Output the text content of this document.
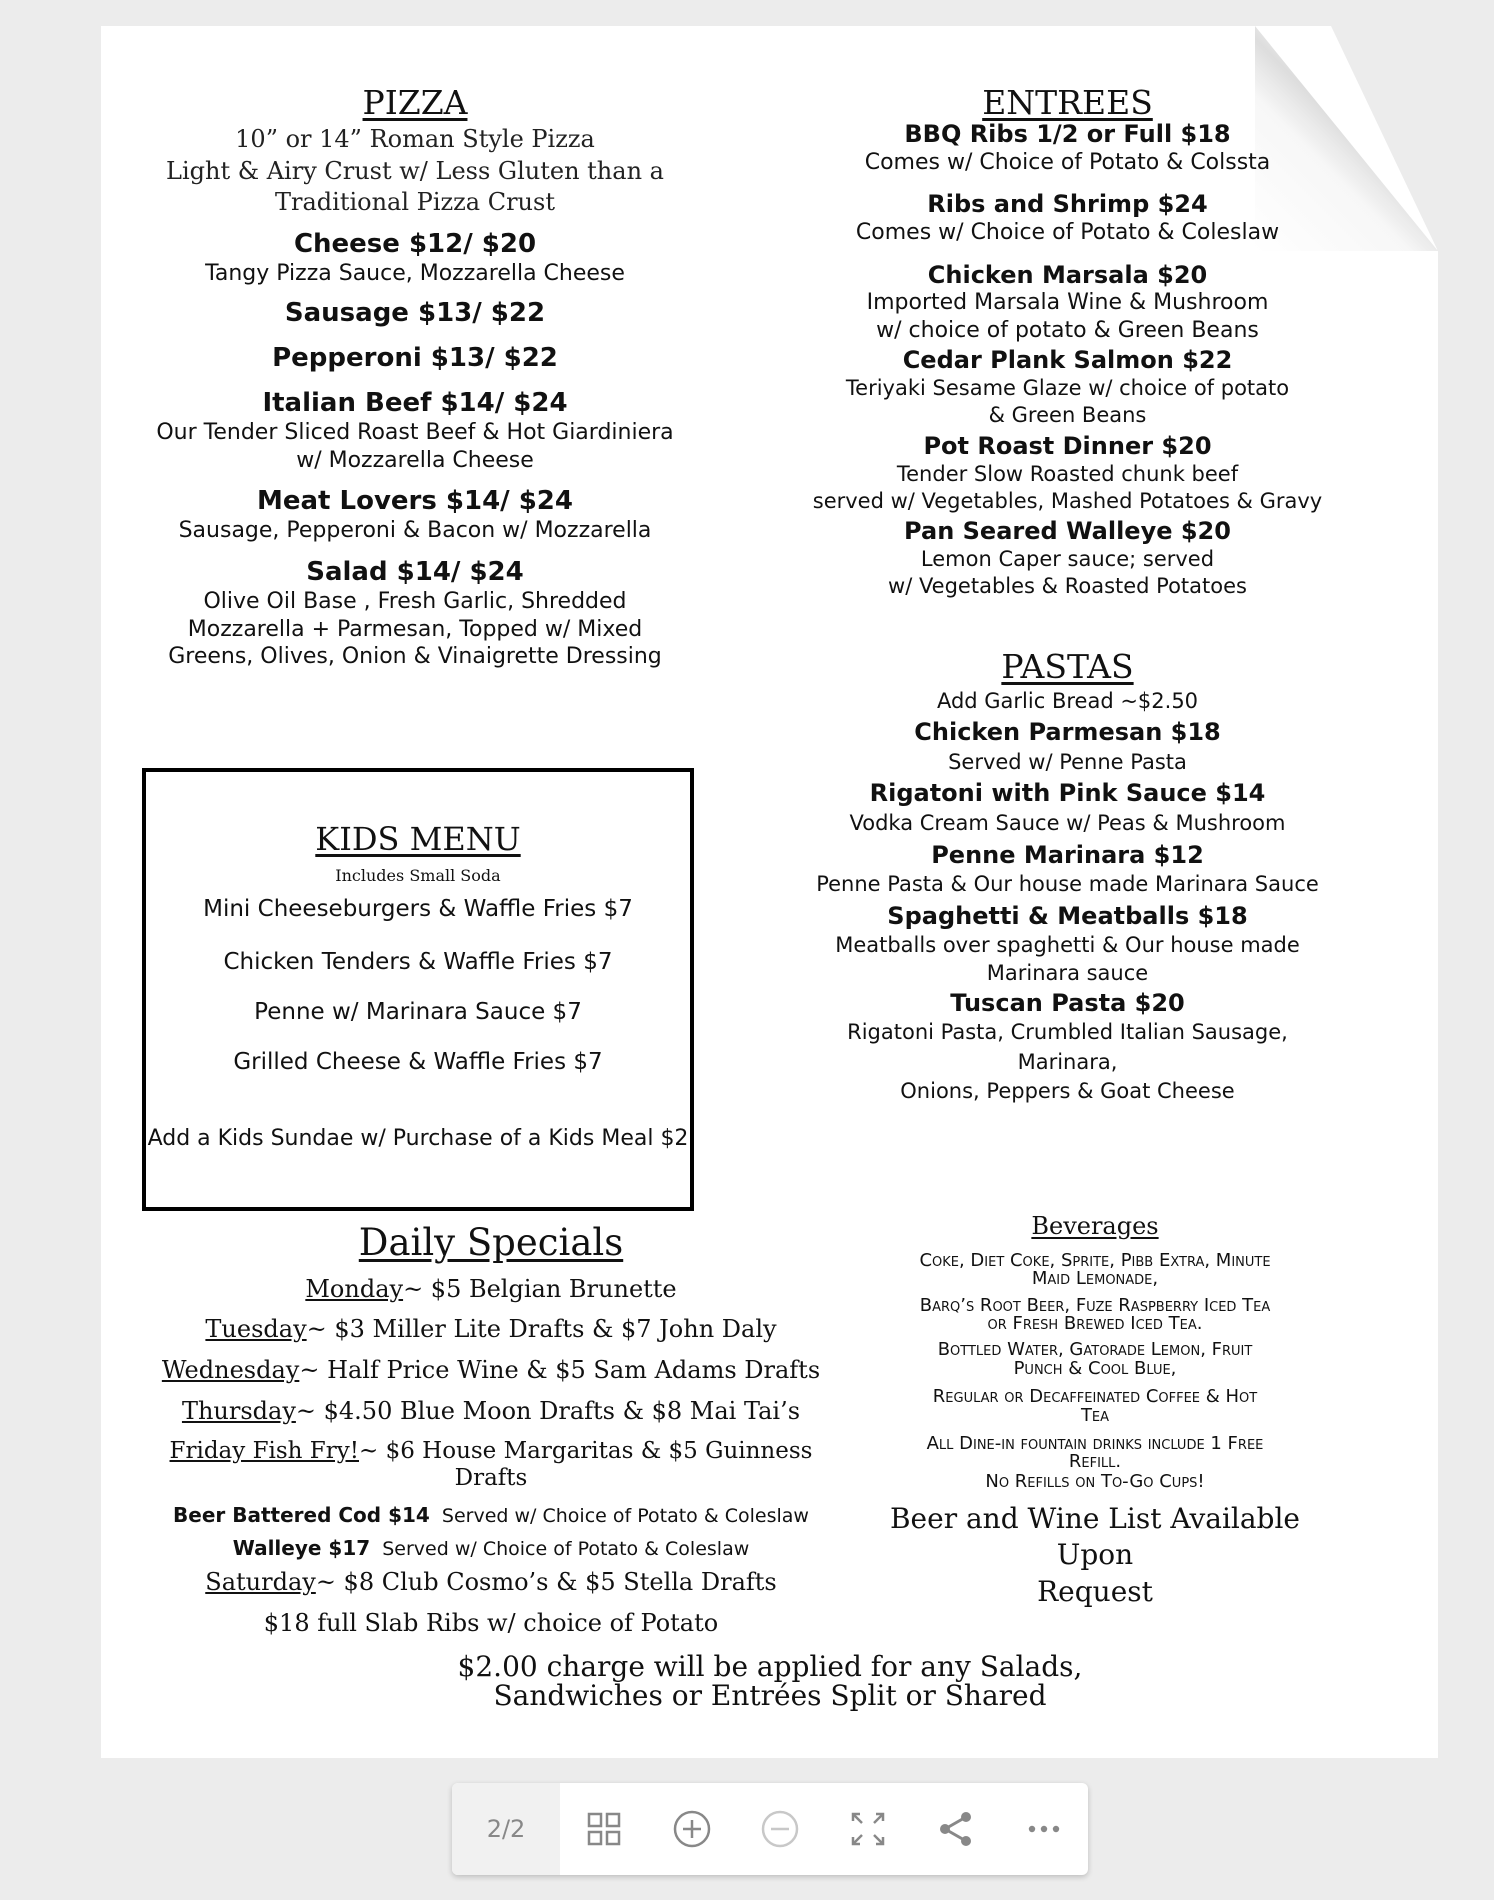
PIZZA
10” or 14” Roman Style Pizza
Light & Airy Crust w/ Less Gluten than a
Traditional Pizza Crust
Cheese $12/ $20
Tangy Pizza Sauce, Mozzarella Cheese
Sausage $13/ $22
Pepperoni $13/ $22
Italian Beef $14/ $24
Our Tender Sliced Roast Beef & Hot Giardiniera
w/ Mozzarella Cheese
Meat Lovers $14/ $24
Sausage, Pepperoni & Bacon w/ Mozzarella
Salad $14/ $24
Olive Oil Base , Fresh Garlic, Shredded
Mozzarella + Parmesan, Topped w/ Mixed
Greens, Olives, Onion & Vinaigrette Dressing
KIDS MENU
Includes Small Soda
Mini Cheeseburgers & Waffle Fries $7
Chicken Tenders & Waffle Fries $7
Penne w/ Marinara Sauce $7
Grilled Cheese & Waffle Fries $7
Add a Kids Sundae w/ Purchase of a Kids Meal $2
Daily Specials
Monday~ $5 Belgian Brunette
Tuesday~ $3 Miller Lite Drafts & $7 John Daly
Wednesday~ Half Price Wine & $5 Sam Adams Drafts
Thursday~ $4.50 Blue Moon Drafts & $8 Mai Tai’s
Friday Fish Fry!~ $6 House Margaritas & $5 Guinness Drafts
Beer Battered Cod $14 Served w/ Choice of Potato & Coleslaw
Walleye $17 Served w/ Choice of Potato & Coleslaw
Saturday~ $8 Club Cosmo’s & $5 Stella Drafts
$18 full Slab Ribs w/ choice of Potato
ENTREES
BBQ Ribs 1/2 or Full $18
Comes w/ Choice of Potato & Colssta
Ribs and Shrimp $24
Comes w/ Choice of Potato & Coleslaw
Chicken Marsala $20
Imported Marsala Wine & Mushroom
w/ choice of potato & Green Beans
Cedar Plank Salmon $22
Teriyaki Sesame Glaze w/ choice of potato
& Green Beans
Pot Roast Dinner $20
Tender Slow Roasted chunk beef
served w/ Vegetables, Mashed Potatoes & Gravy
Pan Seared Walleye $20
Lemon Caper sauce; served
w/ Vegetables & Roasted Potatoes
PASTAS
Add Garlic Bread ~$2.50
Chicken Parmesan $18
Served w/ Penne Pasta
Rigatoni with Pink Sauce $14
Vodka Cream Sauce w/ Peas & Mushroom
Penne Marinara $12
Penne Pasta & Our house made Marinara Sauce
Spaghetti & Meatballs $18
Meatballs over spaghetti & Our house made
Marinara sauce
Tuscan Pasta $20
Rigatoni Pasta, Crumbled Italian Sausage, Marinara,
Onions, Peppers & Goat Cheese
Beverages
Coke, Diet Coke, Sprite, Pibb Extra, Minute
Maid Lemonade,
Barq’s Root Beer, Fuze Raspberry Iced Tea
or Fresh Brewed Iced Tea.
Bottled Water, Gatorade Lemon, Fruit
Punch & Cool Blue,
Regular or Decaffeinated Coffee & Hot
Tea
All Dine-in fountain drinks include 1 Free
Refill.
No Refills on To-Go Cups!
Beer and Wine List Available Upon
Request
$2.00 charge will be applied for any Salads,
Sandwiches or Entrées Split or Shared
2/2
